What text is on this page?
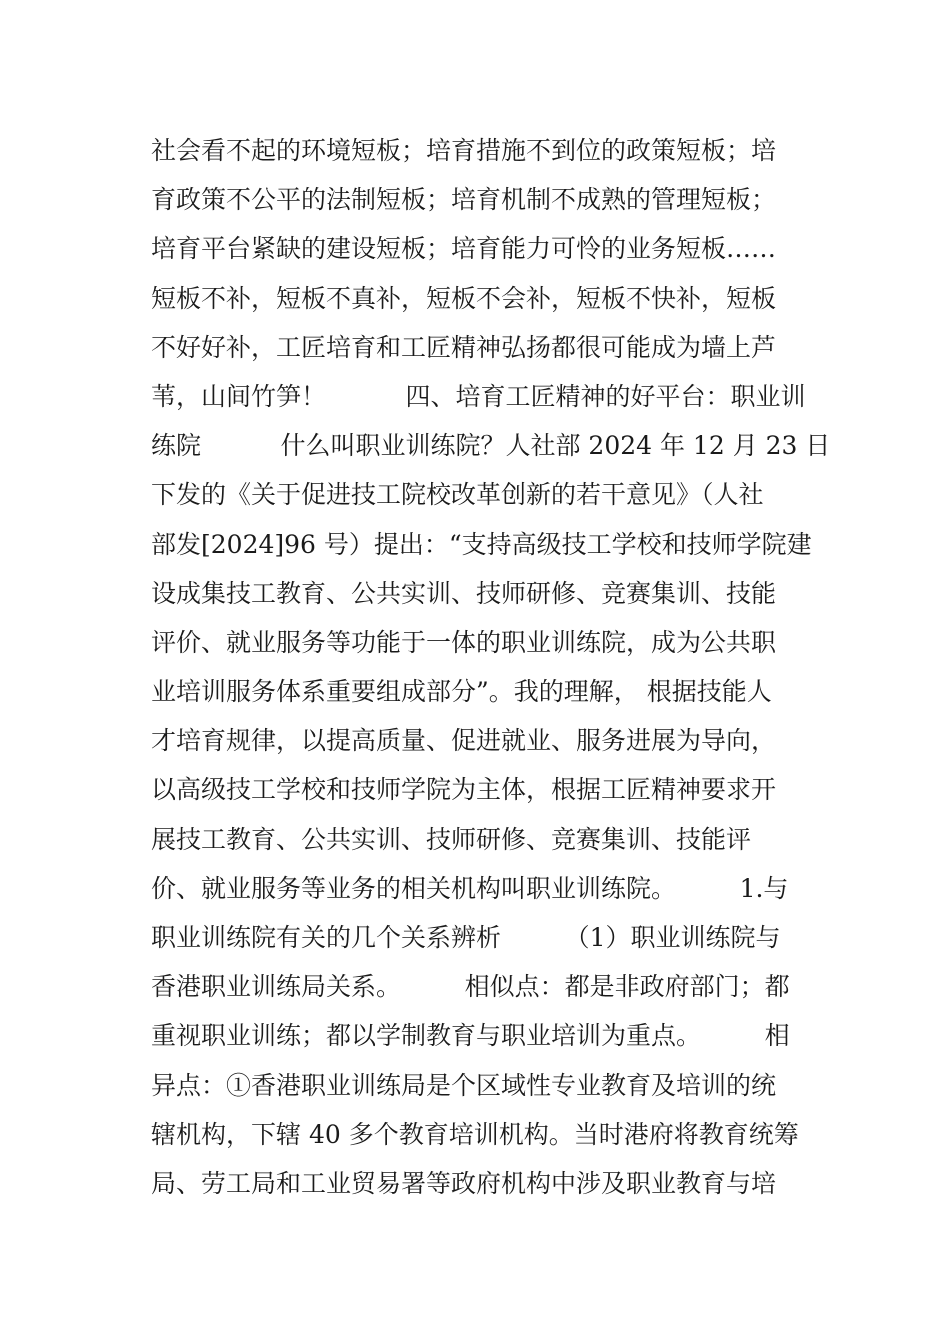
社会看不起的环境短板；培育措施不到位的政策短板；培
育政策不公平的法制短板；培育机制不成熟的管理短板；
培育平台紧缺的建设短板；培育能力可怜的业务短板……
短板不补，短板不真补，短板不会补，短板不快补，短板
不好好补，工匠培育和工匠精神弘扬都很可能成为墙上芦
苇，山间竹笋！          四、培育工匠精神的好平台：职业训
练院          什么叫职业训练院？人社部 2024 年 12 月 23 日
下发的《关于促进技工院校改革创新的若干意见》（人社
部发[2024]96 号）提出：“支持高级技工学校和技师学院建
设成集技工教育、公共实训、技师研修、竞赛集训、技能
评价、就业服务等功能于一体的职业训练院，成为公共职
业培训服务体系重要组成部分”。我的理解， 根据技能人
才培育规律，以提高质量、促进就业、服务进展为导向，
以高级技工学校和技师学院为主体，根据工匠精神要求开
展技工教育、公共实训、技师研修、竞赛集训、技能评
价、就业服务等业务的相关机构叫职业训练院。        1.与
职业训练院有关的几个关系辨析        （1）职业训练院与
香港职业训练局关系。        相似点：都是非政府部门；都
重视职业训练；都以学制教育与职业培训为重点。        相
异点：①香港职业训练局是个区域性专业教育及培训的统
辖机构，下辖 40 多个教育培训机构。当时港府将教育统筹
局、劳工局和工业贸易署等政府机构中涉及职业教育与培
